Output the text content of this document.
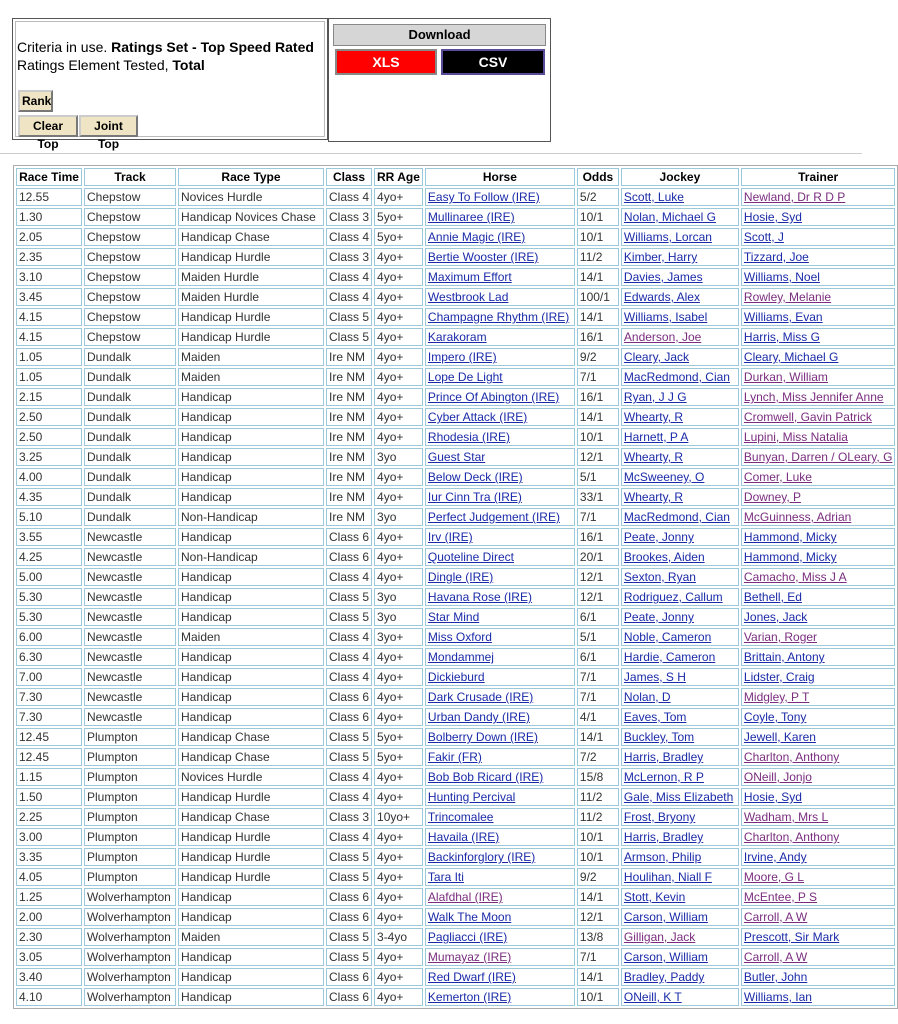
Criteria in use. Ratings Set - Top Speed Rated
Ratings Element Tested, Total
Rank
Clear Top
Joint Top
Download
XLS	CSV
Race Time	Track	Race Type	Class	RR Age	Horse	Odds	Jockey	Trainer
12.55	Chepstow	Novices Hurdle	Class 4	4yo+	Easy To Follow (IRE)	5/2	Scott, Luke	Newland, Dr R D P
1.30	Chepstow	Handicap Novices Chase	Class 3	5yo+	Mullinaree (IRE)	10/1	Nolan, Michael G	Hosie, Syd
2.05	Chepstow	Handicap Chase	Class 4	5yo+	Annie Magic (IRE)	10/1	Williams, Lorcan	Scott, J
2.35	Chepstow	Handicap Hurdle	Class 3	4yo+	Bertie Wooster (IRE)	11/2	Kimber, Harry	Tizzard, Joe
3.10	Chepstow	Maiden Hurdle	Class 4	4yo+	Maximum Effort	14/1	Davies, James	Williams, Noel
3.45	Chepstow	Maiden Hurdle	Class 4	4yo+	Westbrook Lad	100/1	Edwards, Alex	Rowley, Melanie
4.15	Chepstow	Handicap Hurdle	Class 5	4yo+	Champagne Rhythm (IRE)	14/1	Williams, Isabel	Williams, Evan
4.15	Chepstow	Handicap Hurdle	Class 5	4yo+	Karakoram	16/1	Anderson, Joe	Harris, Miss G
1.05	Dundalk	Maiden	Ire NM	4yo+	Impero (IRE)	9/2	Cleary, Jack	Cleary, Michael G
1.05	Dundalk	Maiden	Ire NM	4yo+	Lope De Light	7/1	MacRedmond, Cian	Durkan, William
2.15	Dundalk	Handicap	Ire NM	4yo+	Prince Of Abington (IRE)	16/1	Ryan, J J G	Lynch, Miss Jennifer Anne
2.50	Dundalk	Handicap	Ire NM	4yo+	Cyber Attack (IRE)	14/1	Whearty, R	Cromwell, Gavin Patrick
2.50	Dundalk	Handicap	Ire NM	4yo+	Rhodesia (IRE)	10/1	Harnett, P A	Lupini, Miss Natalia
3.25	Dundalk	Handicap	Ire NM	3yo	Guest Star	12/1	Whearty, R	Bunyan, Darren / OLeary, G
4.00	Dundalk	Handicap	Ire NM	4yo+	Below Deck (IRE)	5/1	McSweeney, O	Comer, Luke
4.35	Dundalk	Handicap	Ire NM	4yo+	Iur Cinn Tra (IRE)	33/1	Whearty, R	Downey, P
5.10	Dundalk	Non-Handicap	Ire NM	3yo	Perfect Judgement (IRE)	7/1	MacRedmond, Cian	McGuinness, Adrian
3.55	Newcastle	Handicap	Class 6	4yo+	Irv (IRE)	16/1	Peate, Jonny	Hammond, Micky
4.25	Newcastle	Non-Handicap	Class 6	4yo+	Quoteline Direct	20/1	Brookes, Aiden	Hammond, Micky
5.00	Newcastle	Handicap	Class 4	4yo+	Dingle (IRE)	12/1	Sexton, Ryan	Camacho, Miss J A
5.30	Newcastle	Handicap	Class 5	3yo	Havana Rose (IRE)	12/1	Rodriguez, Callum	Bethell, Ed
5.30	Newcastle	Handicap	Class 5	3yo	Star Mind	6/1	Peate, Jonny	Jones, Jack
6.00	Newcastle	Maiden	Class 4	3yo+	Miss Oxford	5/1	Noble, Cameron	Varian, Roger
6.30	Newcastle	Handicap	Class 4	4yo+	Mondammej	6/1	Hardie, Cameron	Brittain, Antony
7.00	Newcastle	Handicap	Class 4	4yo+	Dickieburd	7/1	James, S H	Lidster, Craig
7.30	Newcastle	Handicap	Class 6	4yo+	Dark Crusade (IRE)	7/1	Nolan, D	Midgley, P T
7.30	Newcastle	Handicap	Class 6	4yo+	Urban Dandy (IRE)	4/1	Eaves, Tom	Coyle, Tony
12.45	Plumpton	Handicap Chase	Class 5	5yo+	Bolberry Down (IRE)	14/1	Buckley, Tom	Jewell, Karen
12.45	Plumpton	Handicap Chase	Class 5	5yo+	Fakir (FR)	7/2	Harris, Bradley	Charlton, Anthony
1.15	Plumpton	Novices Hurdle	Class 4	4yo+	Bob Bob Ricard (IRE)	15/8	McLernon, R P	ONeill, Jonjo
1.50	Plumpton	Handicap Hurdle	Class 4	4yo+	Hunting Percival	11/2	Gale, Miss Elizabeth	Hosie, Syd
2.25	Plumpton	Handicap Chase	Class 3	10yo+	Trincomalee	11/2	Frost, Bryony	Wadham, Mrs L
3.00	Plumpton	Handicap Hurdle	Class 4	4yo+	Havaila (IRE)	10/1	Harris, Bradley	Charlton, Anthony
3.35	Plumpton	Handicap Hurdle	Class 5	4yo+	Backinforglory (IRE)	10/1	Armson, Philip	Irvine, Andy
4.05	Plumpton	Handicap Hurdle	Class 5	4yo+	Tara Iti	9/2	Houlihan, Niall F	Moore, G L
1.25	Wolverhampton	Handicap	Class 6	4yo+	Alafdhal (IRE)	14/1	Stott, Kevin	McEntee, P S
2.00	Wolverhampton	Handicap	Class 6	4yo+	Walk The Moon	12/1	Carson, William	Carroll, A W
2.30	Wolverhampton	Maiden	Class 5	3-4yo	Pagliacci (IRE)	13/8	Gilligan, Jack	Prescott, Sir Mark
3.05	Wolverhampton	Handicap	Class 5	4yo+	Mumayaz (IRE)	7/1	Carson, William	Carroll, A W
3.40	Wolverhampton	Handicap	Class 6	4yo+	Red Dwarf (IRE)	14/1	Bradley, Paddy	Butler, John
4.10	Wolverhampton	Handicap	Class 6	4yo+	Kemerton (IRE)	10/1	ONeill, K T	Williams, Ian
